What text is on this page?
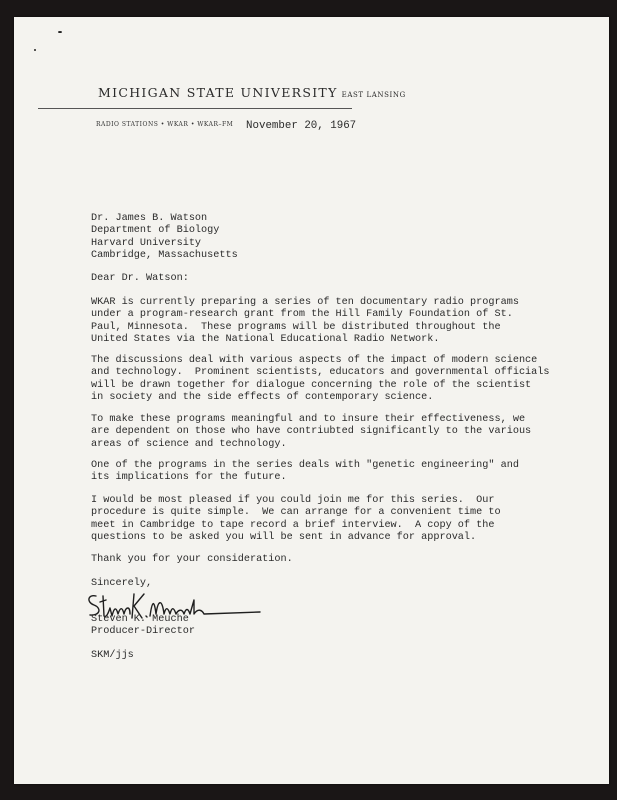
MICHIGAN STATE UNIVERSITY EAST LANSING
RADIO STATIONS • WKAR • WKAR–FM November 20, 1967
Dr. James B. Watson
Department of Biology
Harvard University
Cambridge, Massachusetts
Dear Dr. Watson:
WKAR is currently preparing a series of ten documentary radio programs
under a program-research grant from the Hill Family Foundation of St.
Paul, Minnesota.  These programs will be distributed throughout the
United States via the National Educational Radio Network.
The discussions deal with various aspects of the impact of modern science
and technology.  Prominent scientists, educators and governmental officials
will be drawn together for dialogue concerning the role of the scientist
in society and the side effects of contemporary science.
To make these programs meaningful and to insure their effectiveness, we
are dependent on those who have contriubted significantly to the various
areas of science and technology.
One of the programs in the series deals with "genetic engineering" and
its implications for the future.
I would be most pleased if you could join me for this series.  Our
procedure is quite simple.  We can arrange for a convenient time to
meet in Cambridge to tape record a brief interview.  A copy of the
questions to be asked you will be sent in advance for approval.
Thank you for your consideration.
Sincerely,
Steven K. Meuche
Producer-Director
SKM/jjs
